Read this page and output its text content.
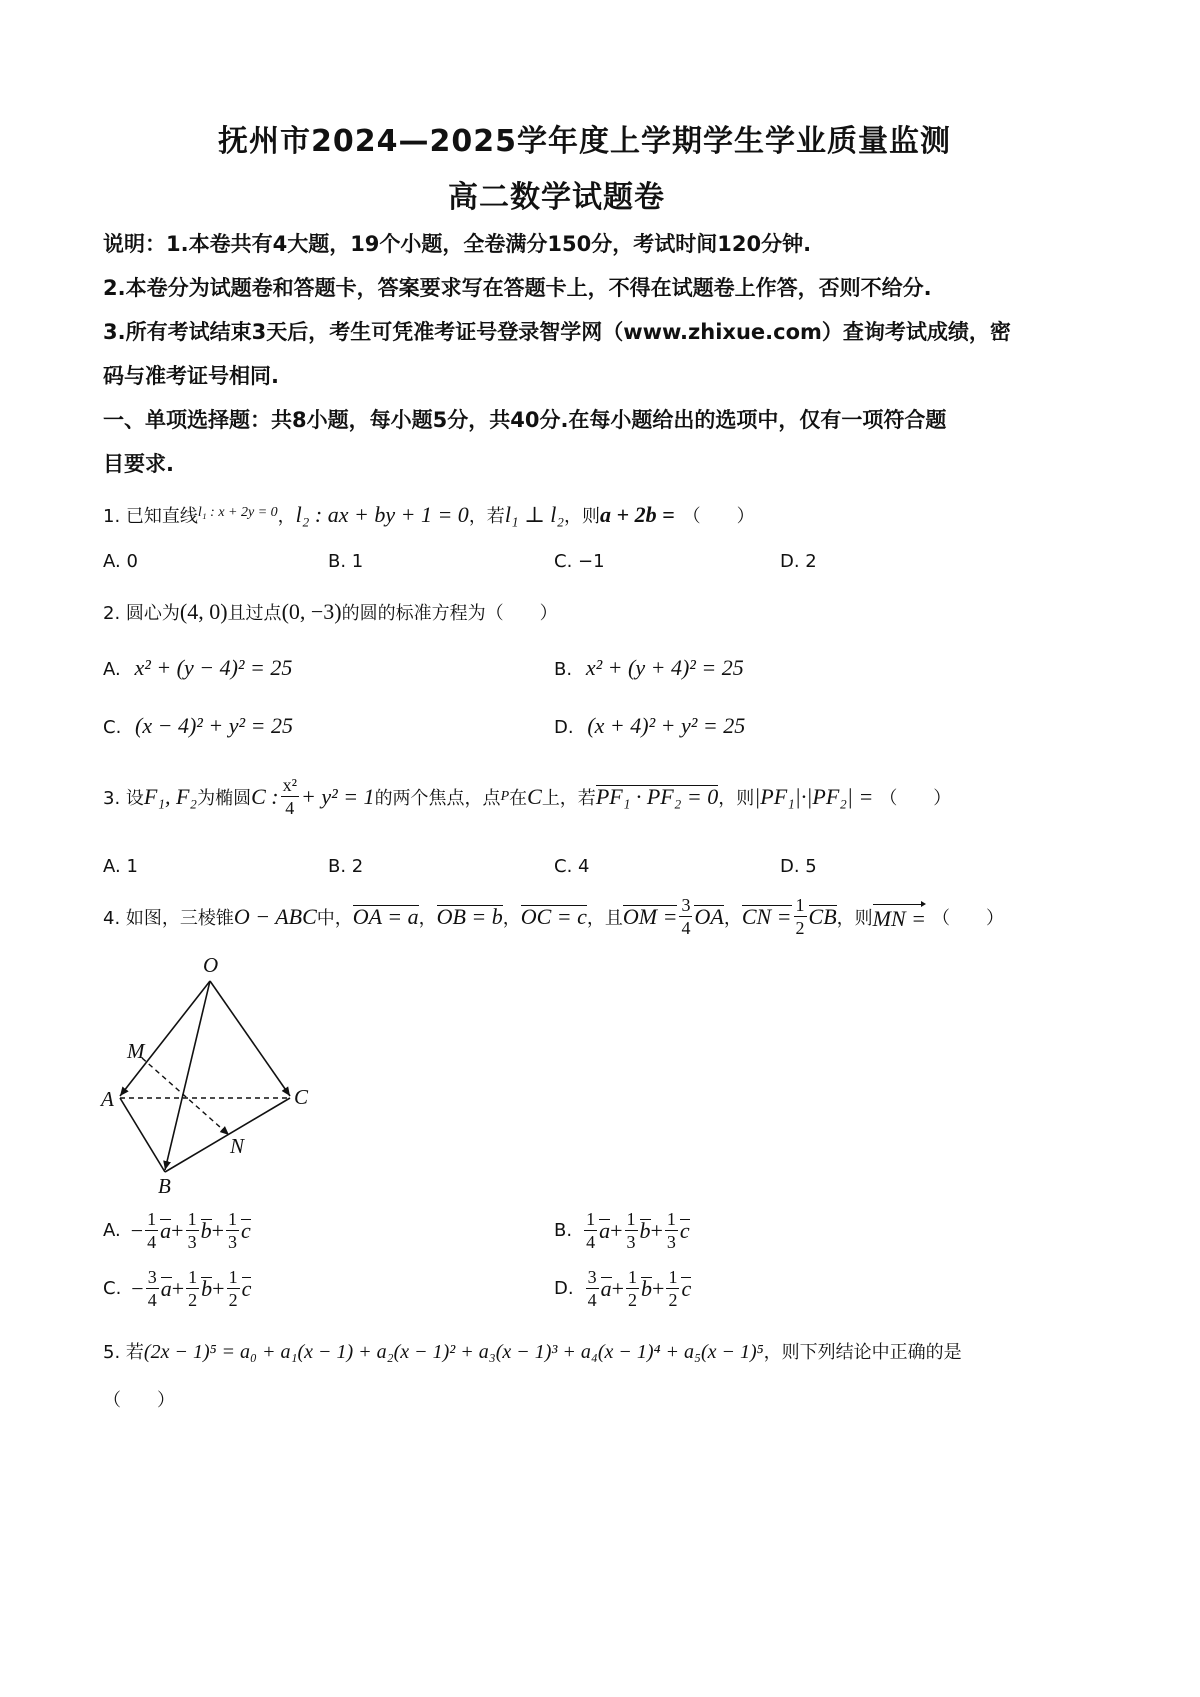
抚州市2024—2025学年度上学期学生学业质量监测
高二数学试题卷
说明：1.本卷共有4大题，19个小题，全卷满分150分，考试时间120分钟.
2.本卷分为试题卷和答题卡，答案要求写在答题卡上，不得在试题卷上作答，否则不给分.
3.所有考试结束3天后，考生可凭准考证号登录智学网（www.zhixue.com）查询考试成绩，密
码与准考证号相同.
一、单项选择题：共8小题，每小题5分，共40分.在每小题给出的选项中，仅有一项符合题
目要求.
1. 已知直线$^{l_1 : x + 2y = 0}$，l₂ : ax + by + 1 = 0，若l₁ ⊥ l₂，则a + 2b = （　　）
A. 0	B. 1	C. −1	D. 2
2. 圆心为(4, 0)且过点(0, −3)的圆的标准方程为（　　）
A. x² + (y − 4)² = 25	B. x² + (y + 4)² = 25
C. (x − 4)² + y² = 25	D. (x + 4)² + y² = 25
3. 设 F₁, F₂ 为椭圆 C : $\frac{\text{x²}}{4} + y^2 = 1$ 的两个焦点，点 P 在 C 上，若 PF₁ · PF₂ = 0 ，则 |PF₁|·|PF₂| = （　　）
A. 1	B. 2	C. 4	D. 5
4. 如图，三棱锥 O − ABC 中， OA = a ， OB = b ， OC = c ，且 OM = $\frac{3}{4}$ OA ， CN = $\frac{1}{2}$ CB ，则 MN = （　　）
O
M
A	C
N
B
A. − $\frac{1}{4}$ $a + \frac{1}{3}$ $b + \frac{1}{3}$ c	B. $\frac{1}{4}$ $a + \frac{1}{3}$ $b + \frac{1}{3}$ c
C. − $\frac{3}{4}$ $a + \frac{1}{2}$ $b + \frac{1}{2}$ c	D. $\frac{3}{4}$ $a + \frac{1}{2}$ $b + \frac{1}{2}$ c
5. 若(2x − 1)⁵ = a₀ + a₁(x − 1) + a₂(x − 1)² + a₃(x − 1)³ + a₄(x − 1)⁴ + a₅(x − 1)⁵，则下列结论中正确的是
（　　）
